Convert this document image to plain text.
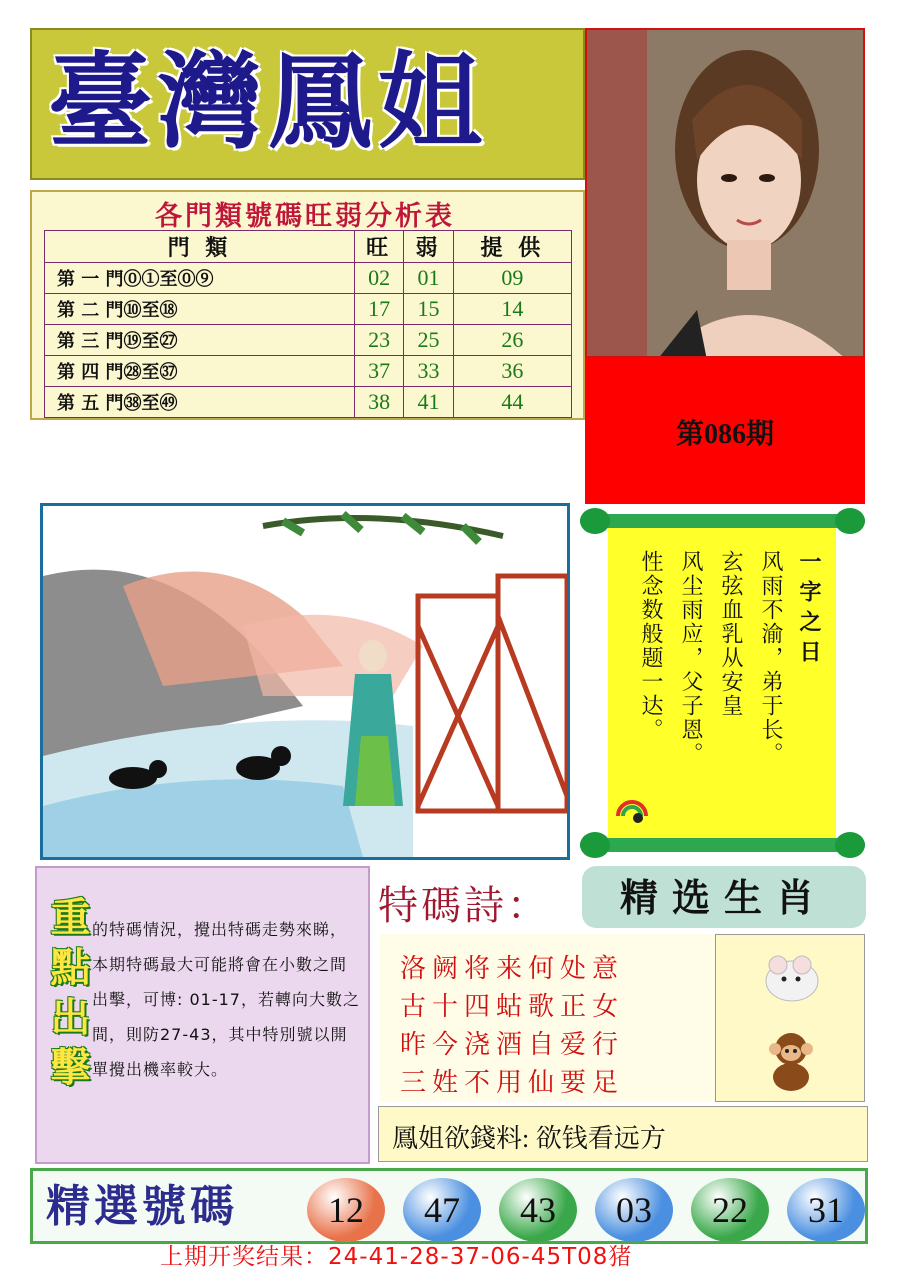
臺灣鳳姐
各門類號碼旺弱分析表
門 類	旺	弱	提 供
第 一 門⓪①至⓪⑨	02	01	09
第 二 門⑩至⑱	17	15	14
第 三 門⑲至㉗	23	25	26
第 四 門㉘至㊲	37	33	36
第 五 門㊳至㊾	38	41	44
第086期
一字之日
风雨不渝，弟于长。
玄弦血乳从安皇
风尘雨应，父子恩。
性念数般题一达。
重點出擊 的特碼情況，攪出特碼走勢來睇，本期特碼最大可能將會在小數之間出擊，可博: 01-17，若轉向大數之間，則防27-43，其中特別號以開單攪出機率較大。
特碼詩：	精选生肖
洛阙将来何处意
古十四蛄歌正女
昨今浇酒自爱行
三姓不用仙要足
鳳姐欲錢料: 欲钱看远方
精選號碼	12	47	43	03	22	31
上期开奖结果：24-41-28-37-06-45T08猪
